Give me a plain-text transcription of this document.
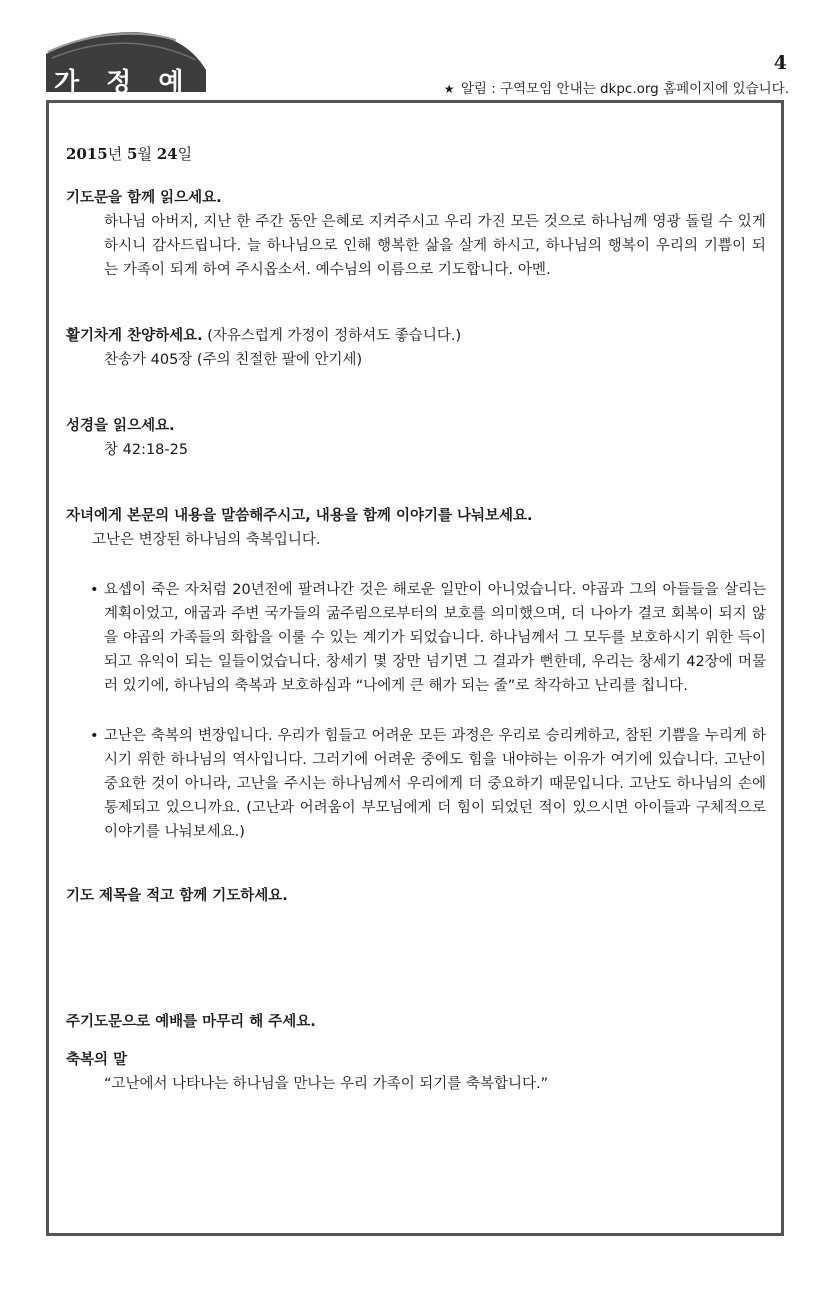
가 정 예 배
4

★ 알림 : 구역모임 안내는 dkpc.org 홈페이지에 있습니다.

2015년 5월 24일

기도문을 함께 읽으세요.

하나님 아버지, 지난 한 주간 동안 은혜로 지켜주시고 우리 가진 모든 것으로 하나님께 영광 돌릴 수 있게 하시니 감사드립니다. 늘 하나님으로 인해 행복한 삶을 살게 하시고, 하나님의 행복이 우리의 기쁨이 되는 가족이 되게 하여 주시옵소서. 예수님의 이름으로 기도합니다. 아멘.

활기차게 찬양하세요. (자유스럽게 가정이 정하셔도 좋습니다.)

찬송가 405장 (주의 친절한 팔에 안기세)

성경을 읽으세요.

창 42:18-25

자녀에게 본문의 내용을 말씀해주시고, 내용을 함께 이야기를 나눠보세요.

고난은 변장된 하나님의 축복입니다.

• 요셉이 죽은 자처럼 20년전에 팔려나간 것은 해로운 일만이 아니었습니다. 야곱과 그의 아들들을 살리는 계획이었고, 애굽과 주변 국가들의 굶주림으로부터의 보호를 의미했으며, 더 나아가 결코 회복이 되지 않을 야곱의 가족들의 화합을 이룰 수 있는 계기가 되었습니다. 하나님께서 그 모두를 보호하시기 위한 득이되고 유익이 되는 일들이었습니다. 창세기 몇 장만 넘기면 그 결과가 뻔한데, 우리는 창세기 42장에 머물러 있기에, 하나님의 축복과 보호하심과 “나에게 큰 해가 되는 줄”로 착각하고 난리를 칩니다.

• 고난은 축복의 변장입니다. 우리가 힘들고 어려운 모든 과정은 우리로 승리케하고, 참된 기쁨을 누리게 하시기 위한 하나님의 역사입니다. 그러기에 어려운 중에도 힘을 내야하는 이유가 여기에 있습니다. 고난이 중요한 것이 아니라, 고난을 주시는 하나님께서 우리에게 더 중요하기 때문입니다. 고난도 하나님의 손에 통제되고 있으니까요. (고난과 어려움이 부모님에게 더 힘이 되었던 적이 있으시면 아이들과 구체적으로 이야기를 나눠보세요.)

기도 제목을 적고 함께 기도하세요.

주기도문으로 예배를 마무리 해 주세요.

축복의 말

“고난에서 나타나는 하나님을 만나는 우리 가족이 되기를 축복합니다.”
